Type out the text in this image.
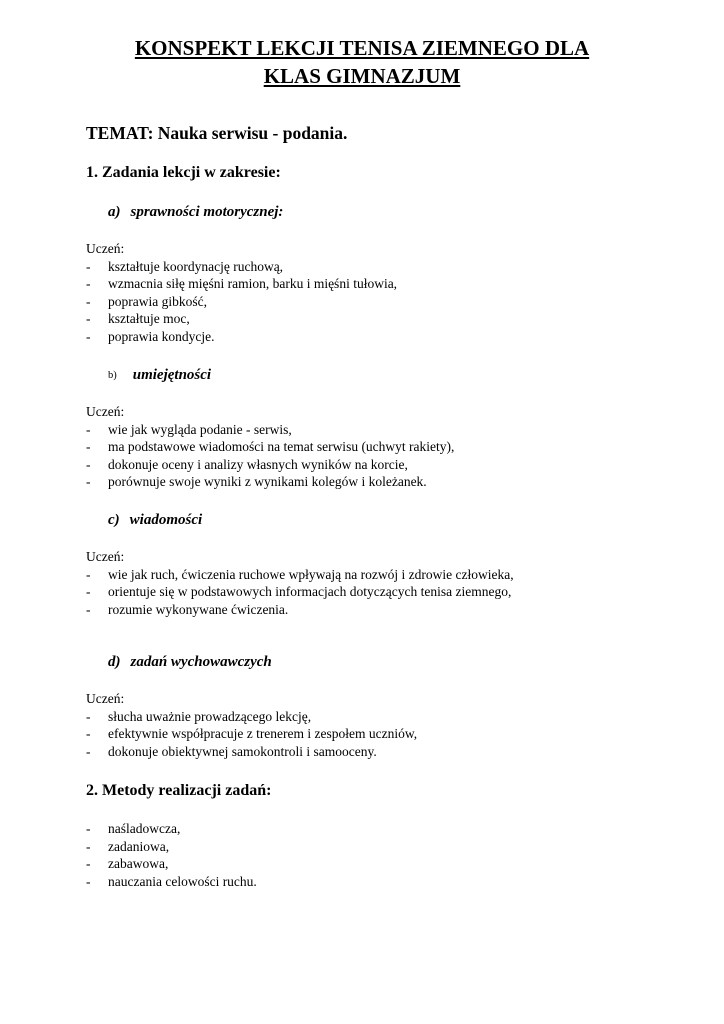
KONSPEKT LEKCJI TENISA ZIEMNEGO DLA
KLAS GIMNAZJUM
TEMAT: Nauka serwisu - podania.
1. Zadania lekcji w zakresie:
a) sprawności motorycznej:
Uczeń:
- kształtuje koordynację ruchową,
- wzmacnia siłę mięśni ramion, barku i mięśni tułowia,
- poprawia gibkość,
- kształtuje moc,
- poprawia kondycje.
b) umiejętności
Uczeń:
- wie jak wygląda podanie - serwis,
- ma podstawowe wiadomości na temat serwisu (uchwyt rakiety),
- dokonuje oceny i analizy własnych wyników na korcie,
- porównuje swoje wyniki z wynikami kolegów i koleżanek.
c) wiadomości
Uczeń:
- wie jak ruch, ćwiczenia ruchowe wpływają na rozwój i zdrowie człowieka,
- orientuje się w podstawowych informacjach dotyczących tenisa ziemnego,
- rozumie wykonywane ćwiczenia.
d) zadań wychowawczych
Uczeń:
- słucha uważnie prowadzącego lekcję,
- efektywnie współpracuje z trenerem i zespołem uczniów,
- dokonuje obiektywnej samokontroli i samooceny.
2. Metody realizacji zadań:
- naśladowcza,
- zadaniowa,
- zabawowa,
- nauczania celowości ruchu.
